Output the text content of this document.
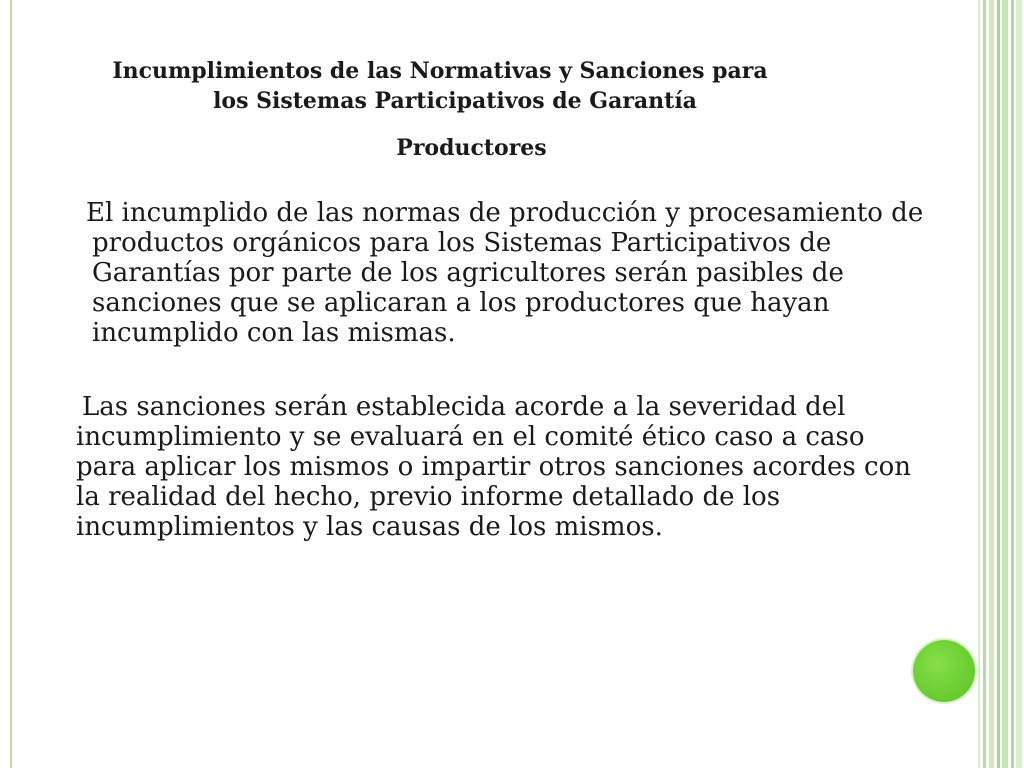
Incumplimientos de las Normativas y Sanciones para
los Sistemas Participativos de Garantía
Productores
El incumplido de las normas de producción y procesamiento de productos orgánicos para los Sistemas Participativos de Garantías por parte de los agricultores serán pasibles de sanciones que se aplicaran a los productores que hayan incumplido con las mismas.
Las sanciones serán establecida acorde a la severidad del incumplimiento y se evaluará en el comité ético caso a caso para aplicar los mismos o impartir otros sanciones acordes con la realidad del hecho, previo informe detallado de los incumplimientos y las causas de los mismos.
